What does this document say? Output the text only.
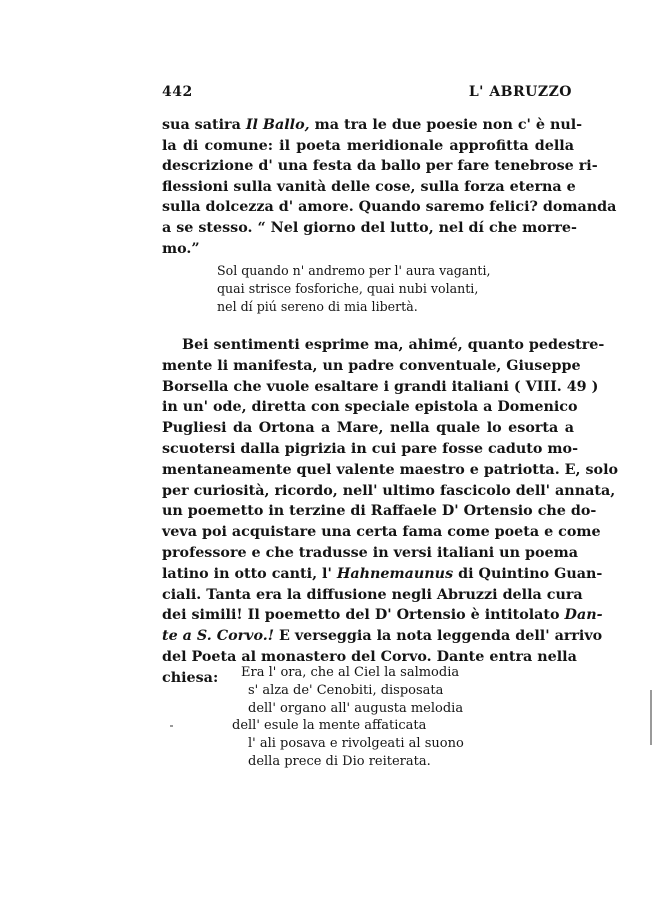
442	L' ABRUZZO
sua satira Il Ballo, ma tra le due poesie non c' è nul-
la di comune: il poeta meridionale approfitta della
descrizione d' una festa da ballo per fare tenebrose ri-
flessioni sulla vanità delle cose, sulla forza eterna e
sulla dolcezza d' amore. Quando saremo felici? domanda
a se stesso. “ Nel giorno del lutto, nel dí che morre-
mo.”
Sol quando n' andremo per l' aura vaganti,
quai strisce fosforiche, quai nubi volanti,
nel dí piú sereno di mia libertà.
Bei sentimenti esprime ma, ahimé, quanto pedestre-
mente li manifesta, un padre conventuale, Giuseppe
Borsella che vuole esaltare i grandi italiani ( VIII. 49 )
in un' ode, diretta con speciale epistola a Domenico
Pugliesi da Ortona a Mare, nella quale lo esorta a
scuotersi dalla pigrizia in cui pare fosse caduto mo-
mentaneamente quel valente maestro e patriotta. E, solo
per curiosità, ricordo, nell' ultimo fascicolo dell' annata,
un poemetto in terzine di Raffaele D' Ortensio che do-
veva poi acquistare una certa fama come poeta e come
professore e che tradusse in versi italiani un poema
latino in otto canti, l' Hahnemaunus di Quintino Guan-
ciali. Tanta era la diffusione negli Abruzzi della cura
dei simili! Il poemetto del D' Ortensio è intitolato Dan-
te a S. Corvo.! E verseggia la nota leggenda dell' arrivo
del Poeta al monastero del Corvo. Dante entra nella
chiesa:	Era l' ora, che al Ciel la salmodia
s' alza de' Cenobiti, disposata
dell' organo all' augusta melodia
dell' esule la mente affaticata
l' ali posava e rivolgeati al suono
della prece di Dio reiterata.
